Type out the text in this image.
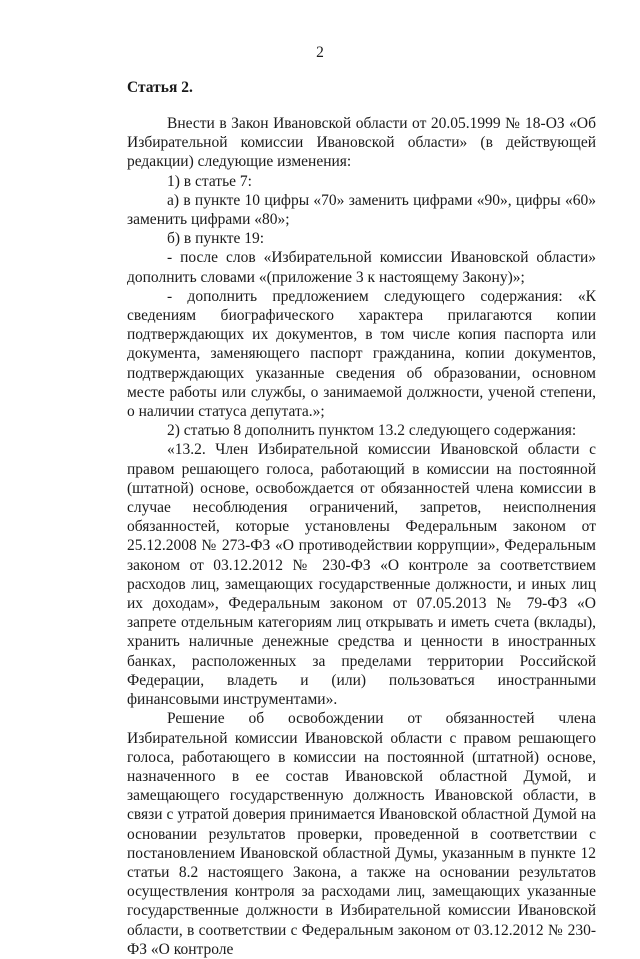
2
Статья 2.

Внести в Закон Ивановской области от 20.05.1999 № 18-ОЗ «Об Избирательной комиссии Ивановской области» (в действующей редакции) следующие изменения:

1) в статье 7:

а) в пункте 10 цифры «70» заменить цифрами «90», цифры «60» заменить цифрами «80»;

б) в пункте 19:

- после слов «Избирательной комиссии Ивановской области» дополнить словами «(приложение 3 к настоящему Закону)»;

- дополнить предложением следующего содержания: «К сведениям биографического характера прилагаются копии подтверждающих их документов, в том числе копия паспорта или документа, заменяющего паспорт гражданина, копии документов, подтверждающих указанные сведения об образовании, основном месте работы или службы, о занимаемой должности, ученой степени, о наличии статуса депутата.»;

2) статью 8 дополнить пунктом 13.2 следующего содержания:

«13.2. Член Избирательной комиссии Ивановской области с правом решающего голоса, работающий в комиссии на постоянной (штатной) основе, освобождается от обязанностей члена комиссии в случае несоблюдения ограничений, запретов, неисполнения обязанностей, которые установлены Федеральным законом от 25.12.2008 № 273-ФЗ «О противодействии коррупции», Федеральным законом от 03.12.2012 № 230-ФЗ «О контроле за соответствием расходов лиц, замещающих государственные должности, и иных лиц их доходам», Федеральным законом от 07.05.2013 № 79-ФЗ «О запрете отдельным категориям лиц открывать и иметь счета (вклады), хранить наличные денежные средства и ценности в иностранных банках, расположенных за пределами территории Российской Федерации, владеть и (или) пользоваться иностранными финансовыми инструментами».

Решение об освобождении от обязанностей члена Избирательной комиссии Ивановской области с правом решающего голоса, работающего в комиссии на постоянной (штатной) основе, назначенного в ее состав Ивановской областной Думой, и замещающего государственную должность Ивановской области, в связи с утратой доверия принимается Ивановской областной Думой на основании результатов проверки, проведенной в соответствии с постановлением Ивановской областной Думы, указанным в пункте 12 статьи 8.2 настоящего Закона, а также на основании результатов осуществления контроля за расходами лиц, замещающих указанные государственные должности в Избирательной комиссии Ивановской области, в соответствии с Федеральным законом от 03.12.2012 № 230-ФЗ «О контроле
